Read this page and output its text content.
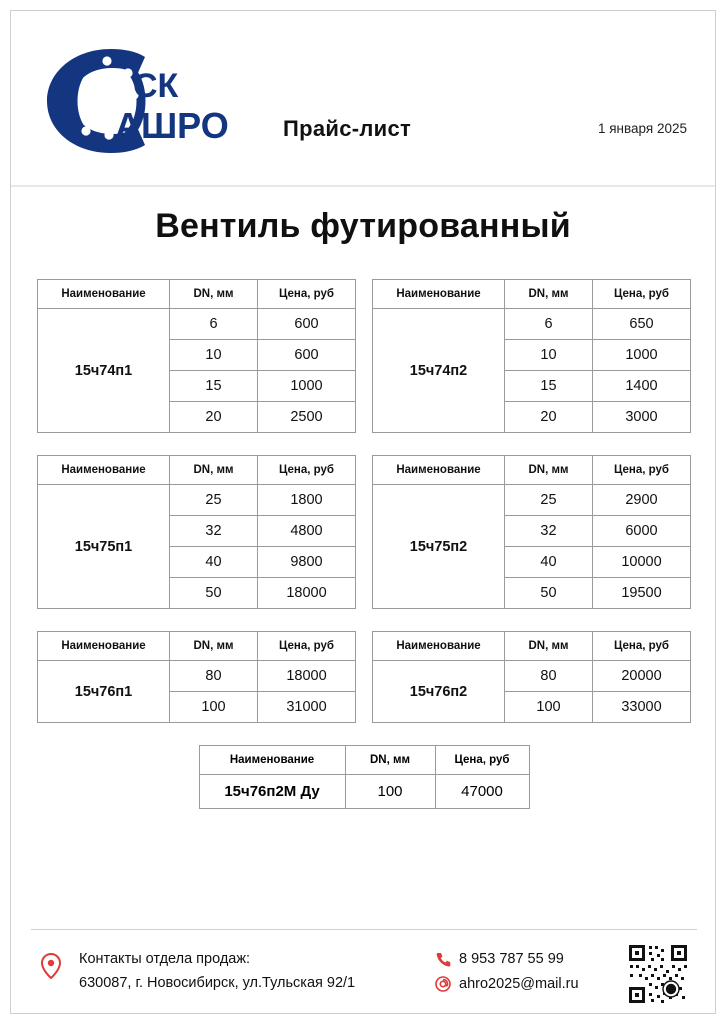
СК
АШРО Прайс-лист	1 января 2025
Вентиль футированный
Наименование	DN, мм	Цена, руб
15ч74п1	6	600
	10	600
	15	1000
	20	2500
Наименование	DN, мм	Цена, руб
15ч74п2	6	650
	10	1000
	15	1400
	20	3000
Наименование	DN, мм	Цена, руб
15ч75п1	25	1800
	32	4800
	40	9800
	50	18000
Наименование	DN, мм	Цена, руб
15ч75п2	25	2900
	32	6000
	40	10000
	50	19500
Наименование	DN, мм	Цена, руб
15ч76п1	80	18000
	100	31000
Наименование	DN, мм	Цена, руб
15ч76п2	80	20000
	100	33000
Наименование	DN, мм	Цена, руб
15ч76п2М Ду	100	47000
Контакты отдела продаж:
630087, г. Новосибирск, ул.Тульская 92/1
8 953 787 55 99
ahro2025@mail.ru
